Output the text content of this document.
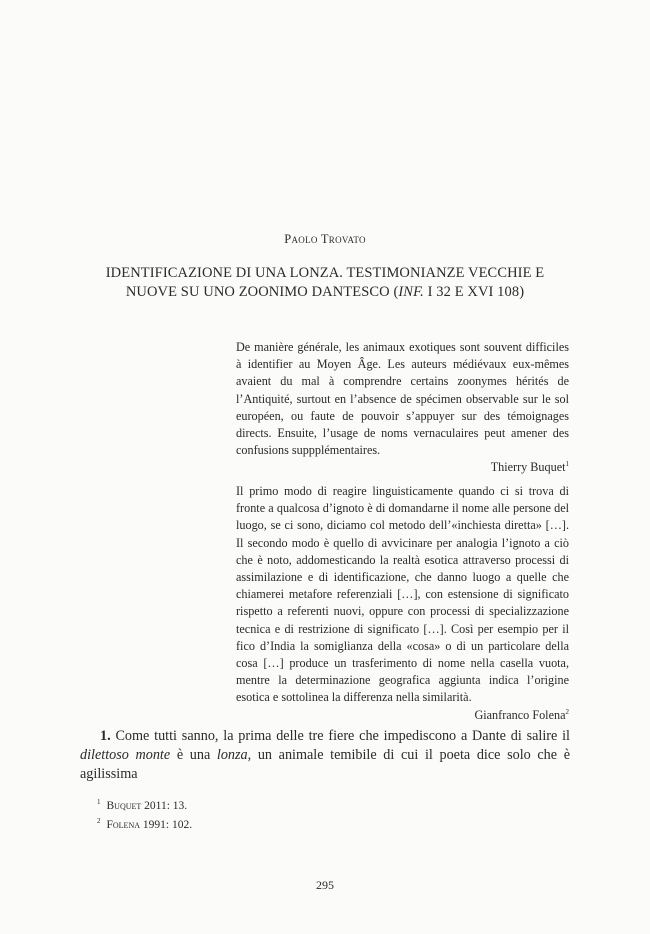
Paolo Trovato
IDENTIFICAZIONE DI UNA LONZA. TESTIMONIANZE VECCHIE E NUOVE SU UNO ZOONIMO DANTESCO (INF. I 32 E XVI 108)

De manière générale, les animaux exotiques sont souvent difficiles à identifier au Moyen Âge. Les auteurs médiévaux eux-mêmes avaient du mal à comprendre certains zoonymes hérités de l’Antiquité, surtout en l’absence de spécimen observable sur le sol européen, ou faute de pouvoir s’appuyer sur des témoignages directs. Ensuite, l’usage de noms vernaculaires peut amener des confusions suppplémentaires.

Thierry Buquet$^1$

Il primo modo di reagire linguisticamente quando ci si trova di fronte a qualcosa d’ignoto è di domandarne il nome alle persone del luogo, se ci sono, diciamo col metodo dell’«inchiesta diretta» […]. Il secondo modo è quello di avvicinare per analogia l’ignoto a ciò che è noto, addomesticando la realtà esotica attraverso processi di assimilazione e di identificazione, che danno luogo a quelle che chiamerei metafore referenziali […], con estensione di significato rispetto a referenti nuovi, oppure con processi di specializzazione tecnica e di restrizione di significato […]. Così per esempio per il fico d’India la somiglianza della «cosa» o di un particolare della cosa […] produce un trasferimento di nome nella casella vuota, mentre la determinazione geografica aggiunta indica l’origine esotica e sottolinea la differenza nella similarità.

Gianfranco Folena$^2$

1. Come tutti sanno, la prima delle tre fiere che impediscono a Dante di salire il dilettoso monte è una lonza, un animale temibile di cui il poeta dice solo che è agilissima

$^1$ Buquet 2011: 13.
$^2$ Folena 1991: 102.
295
